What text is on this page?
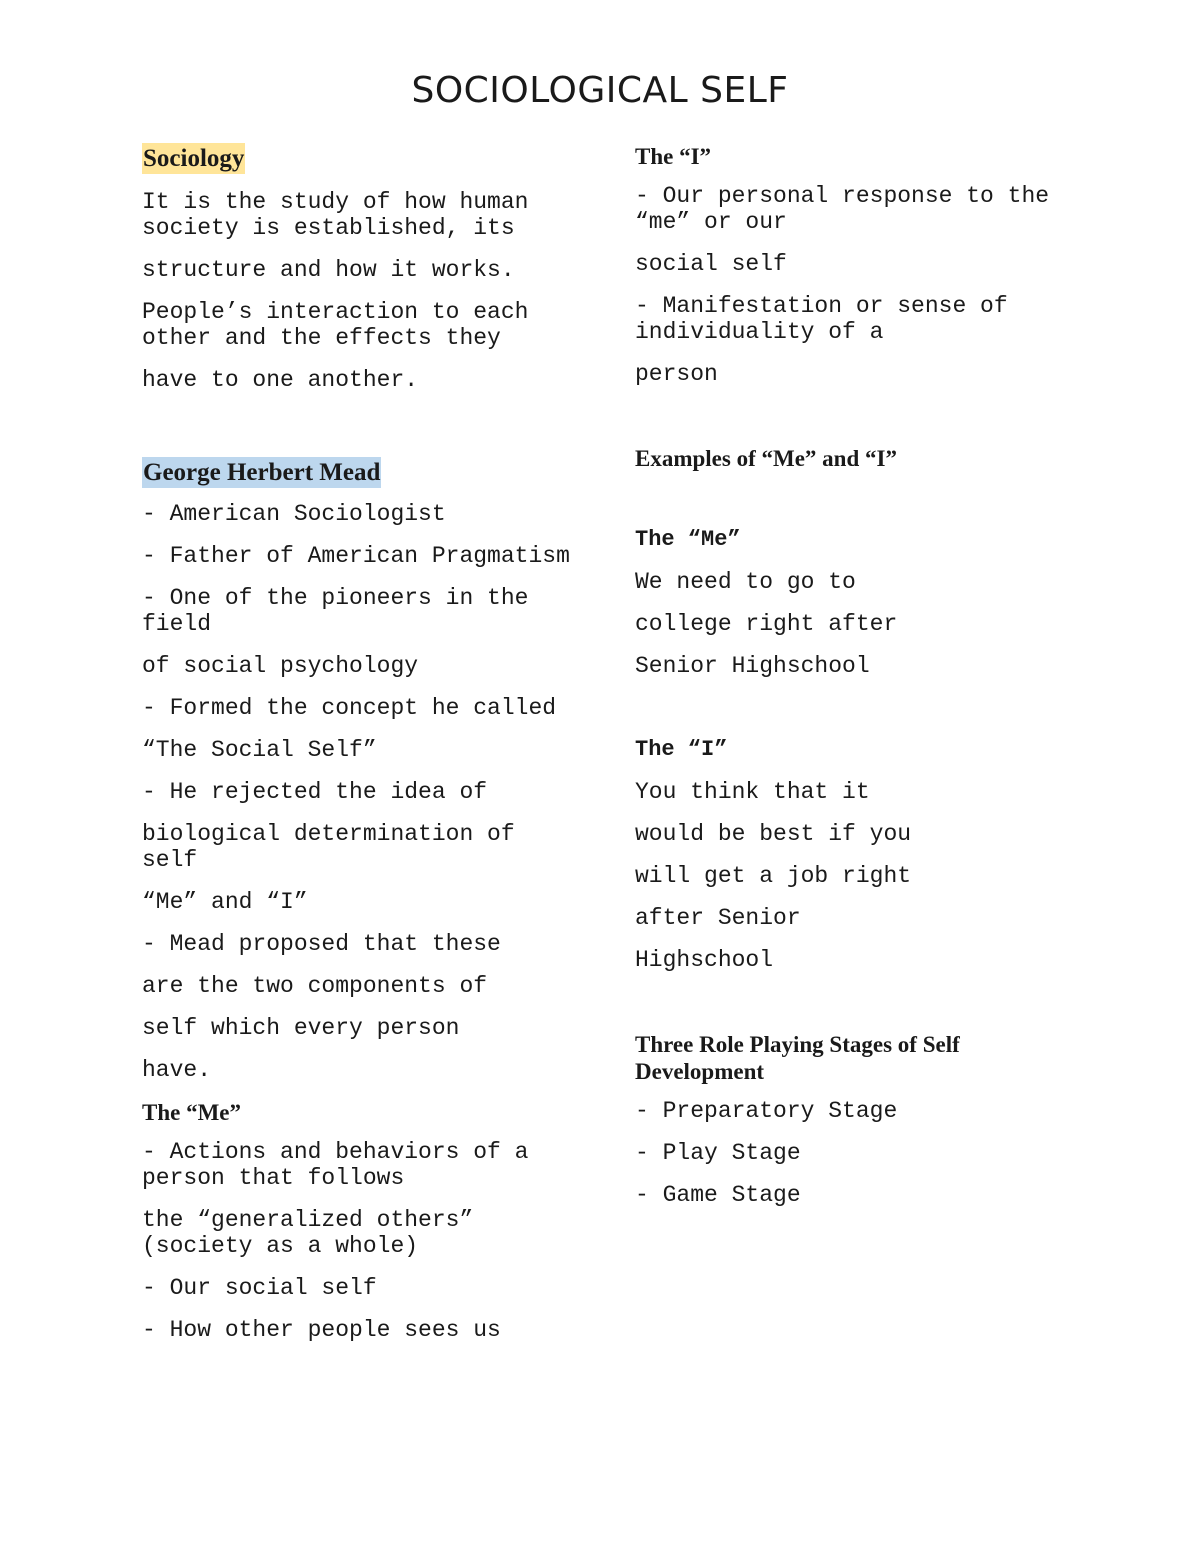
SOCIOLOGICAL SELF
Sociology

It is the study of how human society is established, its

structure and how it works.

People’s interaction to each other and the effects they

have to one another.

George Herbert Mead

- American Sociologist

- Father of American Pragmatism

- One of the pioneers in the field

of social psychology

- Formed the concept he called

“The Social Self”

- He rejected the idea of

biological determination of self

“Me” and “I”

- Mead proposed that these

are the two components of

self which every person

have.

The “Me”

- Actions and behaviors of a person that follows

the “generalized others” (society as a whole)

- Our social self

- How other people sees us

The “I”

- Our personal response to the “me” or our

social self

- Manifestation or sense of individuality of a

person

Examples of “Me” and “I”
The “Me”

We need to go to

college right after

Senior Highschool

The “I”

You think that it

would be best if you

will get a job right

after Senior

Highschool

Three Role Playing Stages of Self Development

- Preparatory Stage

- Play Stage

- Game Stage
